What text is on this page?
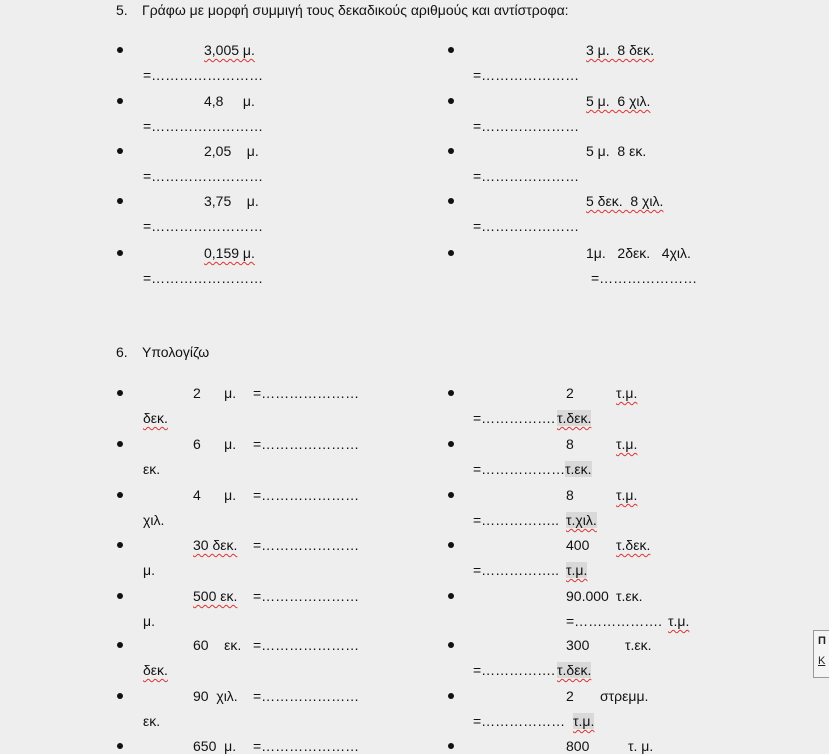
5. Γράφω με μορφή συμμιγή τους δεκαδικούς αριθμούς και αντίστροφα:
3,005 μ.
=……………………
4,8     μ.
=……………………
2,05    μ.
=……………………
3,75    μ.
=……………………
0,159 μ.
=……………………
3 μ.  8 δεκ.
=…………………
5 μ.  6 χιλ.
=…………………
5 μ.  8 εκ.
=…………………
5 δεκ.  8 χιλ.
=…………………
1μ.   2δεκ.   4χιλ.
=…………………
6. Υπολογίζω
2      μ. =…………………
δεκ.
6      μ. =…………………
εκ.
4      μ. =…………………
χιλ.
30 δεκ. =…………………
μ.
500 εκ. =…………………
μ.
60    εκ. =…………………
δεκ.
90  χιλ. =…………………
εκ.
650  μ. =…………………
2	τ.μ.
=……………. τ.δεκ.
8	τ.μ.
=……………… τ.εκ.
8	τ.μ.
=…………….. τ.χιλ.
400 τ.δεκ.
=…………….. τ.μ.
90.000 τ.εκ.
=………………. τ.μ.
300	τ.εκ.
=……………. τ.δεκ.
2 στρεμμ.
=……………… τ.μ.
800	τ. μ.
Π
Κ
